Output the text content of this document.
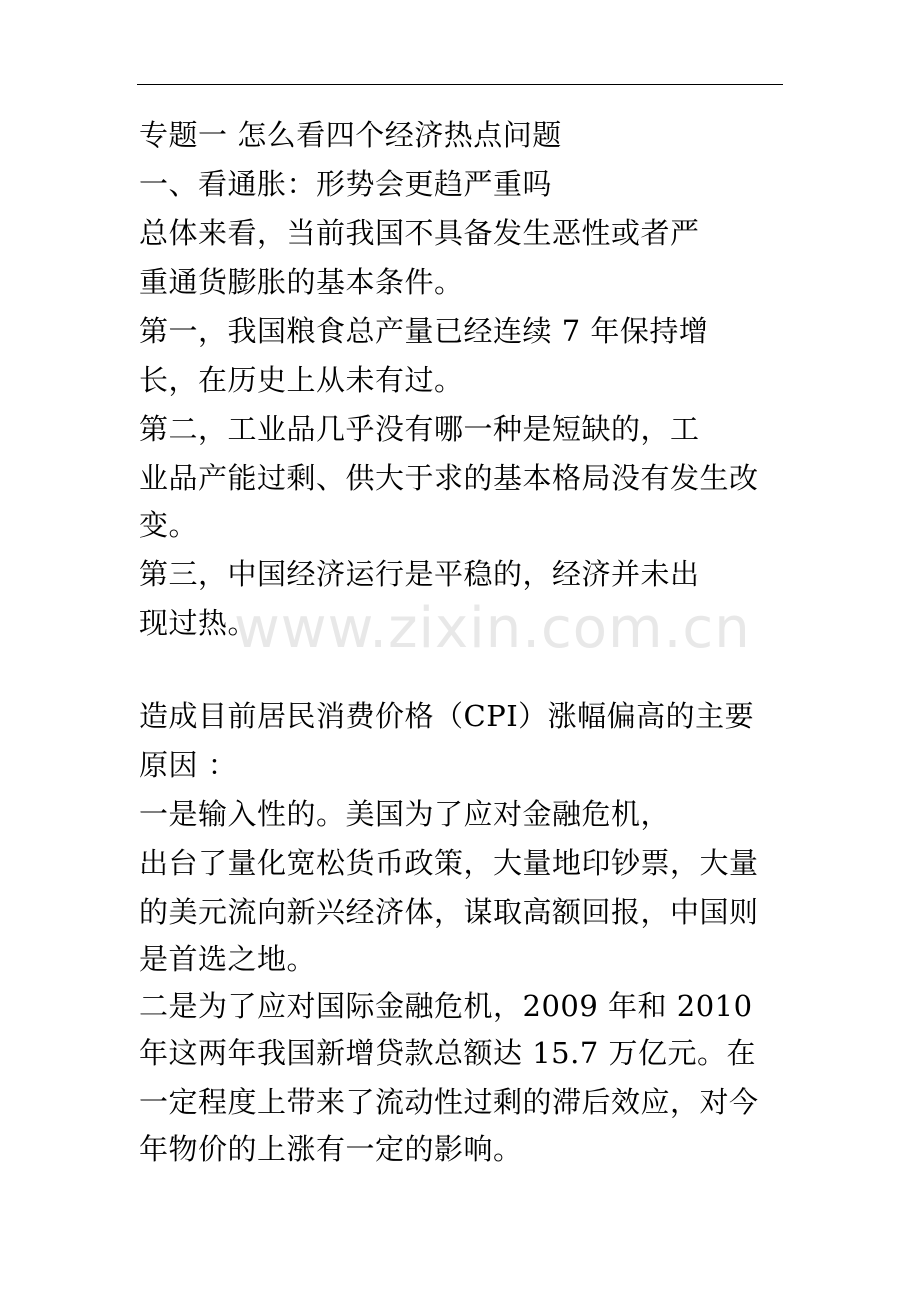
www.zixin.com.cn
专题一 怎么看四个经济热点问题
一、看通胀：形势会更趋严重吗
总体来看，当前我国不具备发生恶性或者严
重通货膨胀的基本条件。
第一，我国粮食总产量已经连续 7 年保持增
长，在历史上从未有过。
第二，工业品几乎没有哪一种是短缺的，工
业品产能过剩、供大于求的基本格局没有发生改
变。
第三，中国经济运行是平稳的，经济并未出
现过热。
造成目前居民消费价格（CPI）涨幅偏高的主要
原因 ：
一是输入性的。美国为了应对金融危机，
出台了量化宽松货币政策，大量地印钞票，大量
的美元流向新兴经济体，谋取高额回报，中国则
是首选之地。
二是为了应对国际金融危机，2009 年和 2010
年这两年我国新增贷款总额达 15.7 万亿元。在
一定程度上带来了流动性过剩的滞后效应，对今
年物价的上涨有一定的影响。
